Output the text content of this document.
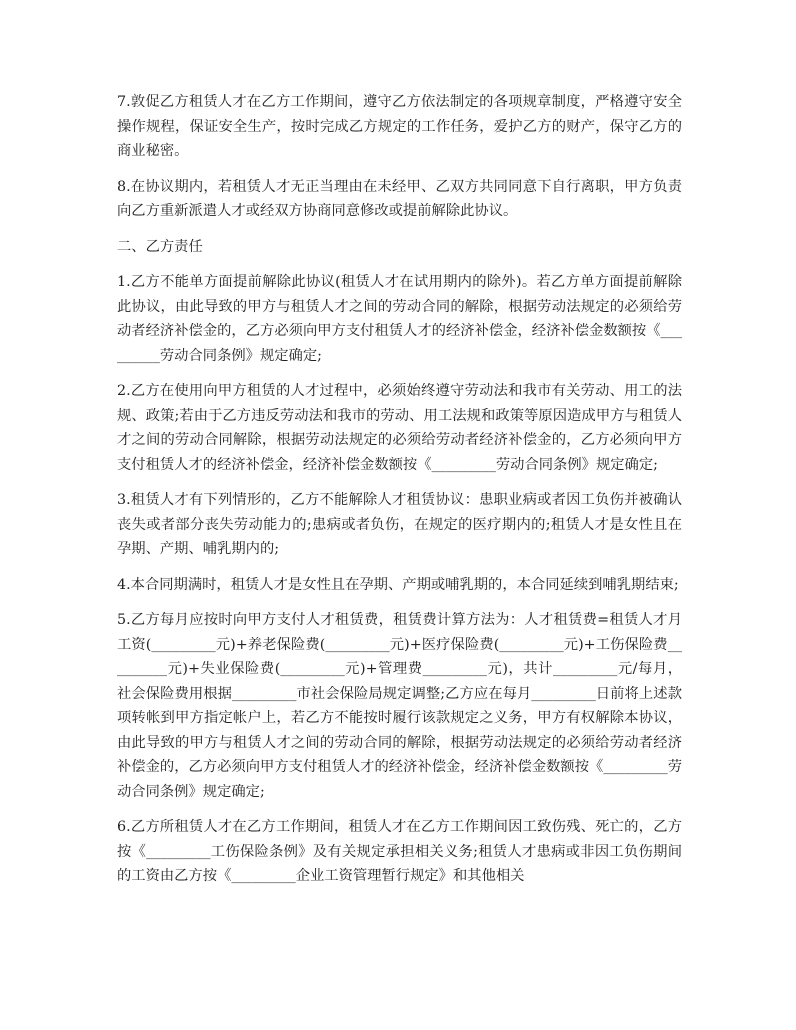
7.敦促乙方租赁人才在乙方工作期间，遵守乙方依法制定的各项规章制度，严格遵守安全操作规程，保证安全生产，按时完成乙方规定的工作任务，爱护乙方的财产，保守乙方的商业秘密。

8.在协议期内，若租赁人才无正当理由在未经甲、乙双方共同同意下自行离职，甲方负责向乙方重新派遣人才或经双方协商同意修改或提前解除此协议。

二、乙方责任

1.乙方不能单方面提前解除此协议(租赁人才在试用期内的除外)。若乙方单方面提前解除此协议，由此导致的甲方与租赁人才之间的劳动合同的解除，根据劳动法规定的必须给劳动者经济补偿金的，乙方必须向甲方支付租赁人才的经济补偿金，经济补偿金数额按《_________劳动合同条例》规定确定;

2.乙方在使用向甲方租赁的人才过程中，必须始终遵守劳动法和我市有关劳动、用工的法规、政策;若由于乙方违反劳动法和我市的劳动、用工法规和政策等原因造成甲方与租赁人才之间的劳动合同解除，根据劳动法规定的必须给劳动者经济补偿金的，乙方必须向甲方支付租赁人才的经济补偿金，经济补偿金数额按《_________劳动合同条例》规定确定;

3.租赁人才有下列情形的，乙方不能解除人才租赁协议：患职业病或者因工负伤并被确认丧失或者部分丧失劳动能力的;患病或者负伤，在规定的医疗期内的;租赁人才是女性且在孕期、产期、哺乳期内的;

4.本合同期满时，租赁人才是女性且在孕期、产期或哺乳期的，本合同延续到哺乳期结束;

5.乙方每月应按时向甲方支付人才租赁费，租赁费计算方法为：人才租赁费=租赁人才月工资(_________元)+养老保险费(_________元)+医疗保险费(_________元)+工伤保险费_________元)+失业保险费(_________元)+管理费_________元)，共计_________元/每月，社会保险费用根据_________市社会保险局规定调整;乙方应在每月_________日前将上述款项转帐到甲方指定帐户上，若乙方不能按时履行该款规定之义务，甲方有权解除本协议，由此导致的甲方与租赁人才之间的劳动合同的解除，根据劳动法规定的必须给劳动者经济补偿金的，乙方必须向甲方支付租赁人才的经济补偿金，经济补偿金数额按《_________劳动合同条例》规定确定;

6.乙方所租赁人才在乙方工作期间，租赁人才在乙方工作期间因工致伤残、死亡的，乙方按《_________工伤保险条例》及有关规定承担相关义务;租赁人才患病或非因工负伤期间的工资由乙方按《_________企业工资管理暂行规定》和其他相关
